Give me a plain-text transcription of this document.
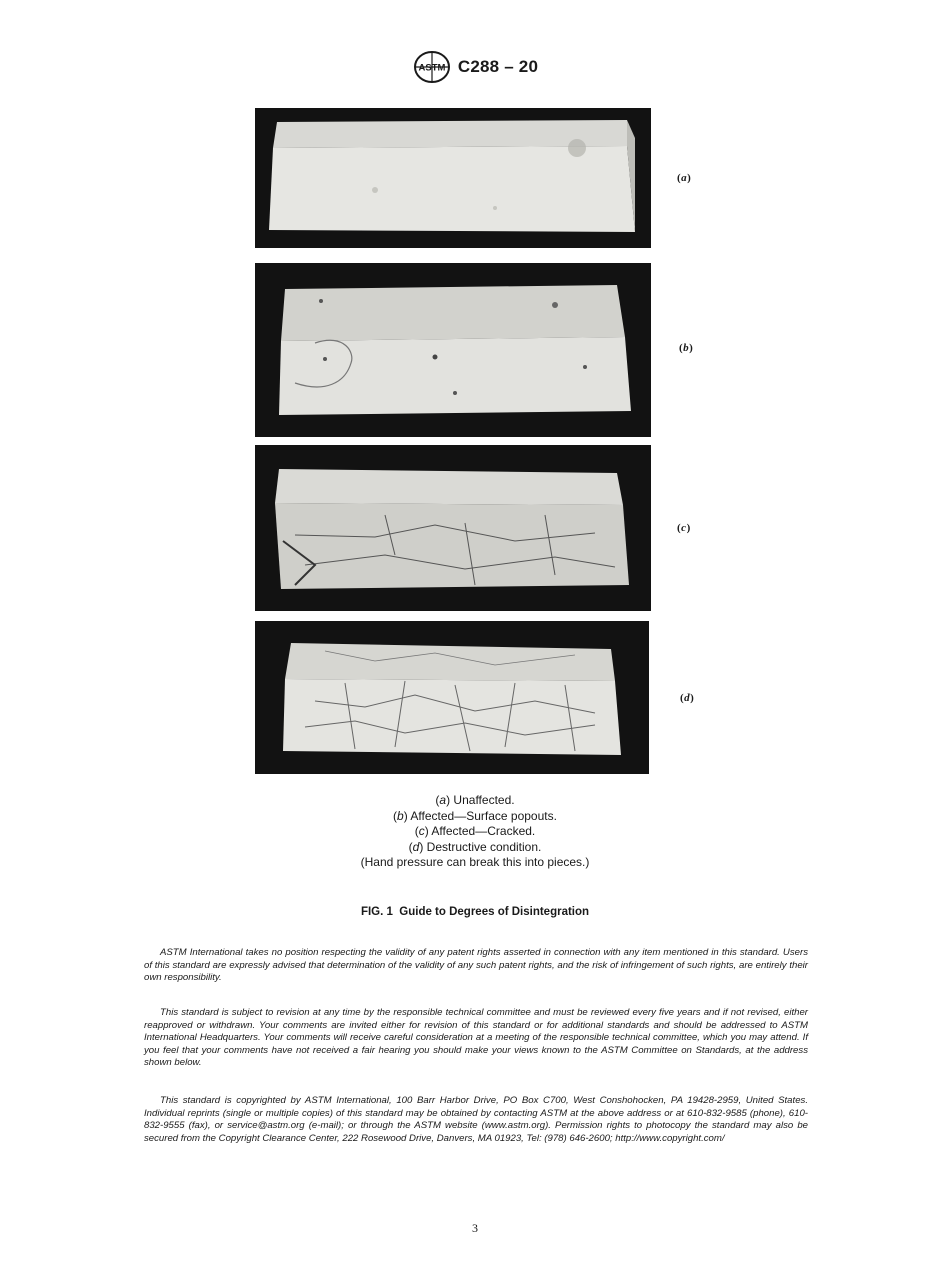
ASTM C288 – 20
(a)
(b)
(c)
(d)
(a) Unaffected.
(b) Affected—Surface popouts.
(c) Affected—Cracked.
(d) Destructive condition.
(Hand pressure can break this into pieces.)
FIG. 1  Guide to Degrees of Disintegration

ASTM International takes no position respecting the validity of any patent rights asserted in connection with any item mentioned in this standard. Users of this standard are expressly advised that determination of the validity of any such patent rights, and the risk of infringement of such rights, are entirely their own responsibility.

This standard is subject to revision at any time by the responsible technical committee and must be reviewed every five years and if not revised, either reapproved or withdrawn. Your comments are invited either for revision of this standard or for additional standards and should be addressed to ASTM International Headquarters. Your comments will receive careful consideration at a meeting of the responsible technical committee, which you may attend. If you feel that your comments have not received a fair hearing you should make your views known to the ASTM Committee on Standards, at the address shown below.

This standard is copyrighted by ASTM International, 100 Barr Harbor Drive, PO Box C700, West Conshohocken, PA 19428-2959, United States. Individual reprints (single or multiple copies) of this standard may be obtained by contacting ASTM at the above address or at 610-832-9585 (phone), 610-832-9555 (fax), or service@astm.org (e-mail); or through the ASTM website (www.astm.org). Permission rights to photocopy the standard may also be secured from the Copyright Clearance Center, 222 Rosewood Drive, Danvers, MA 01923, Tel: (978) 646-2600; http://www.copyright.com/

3
